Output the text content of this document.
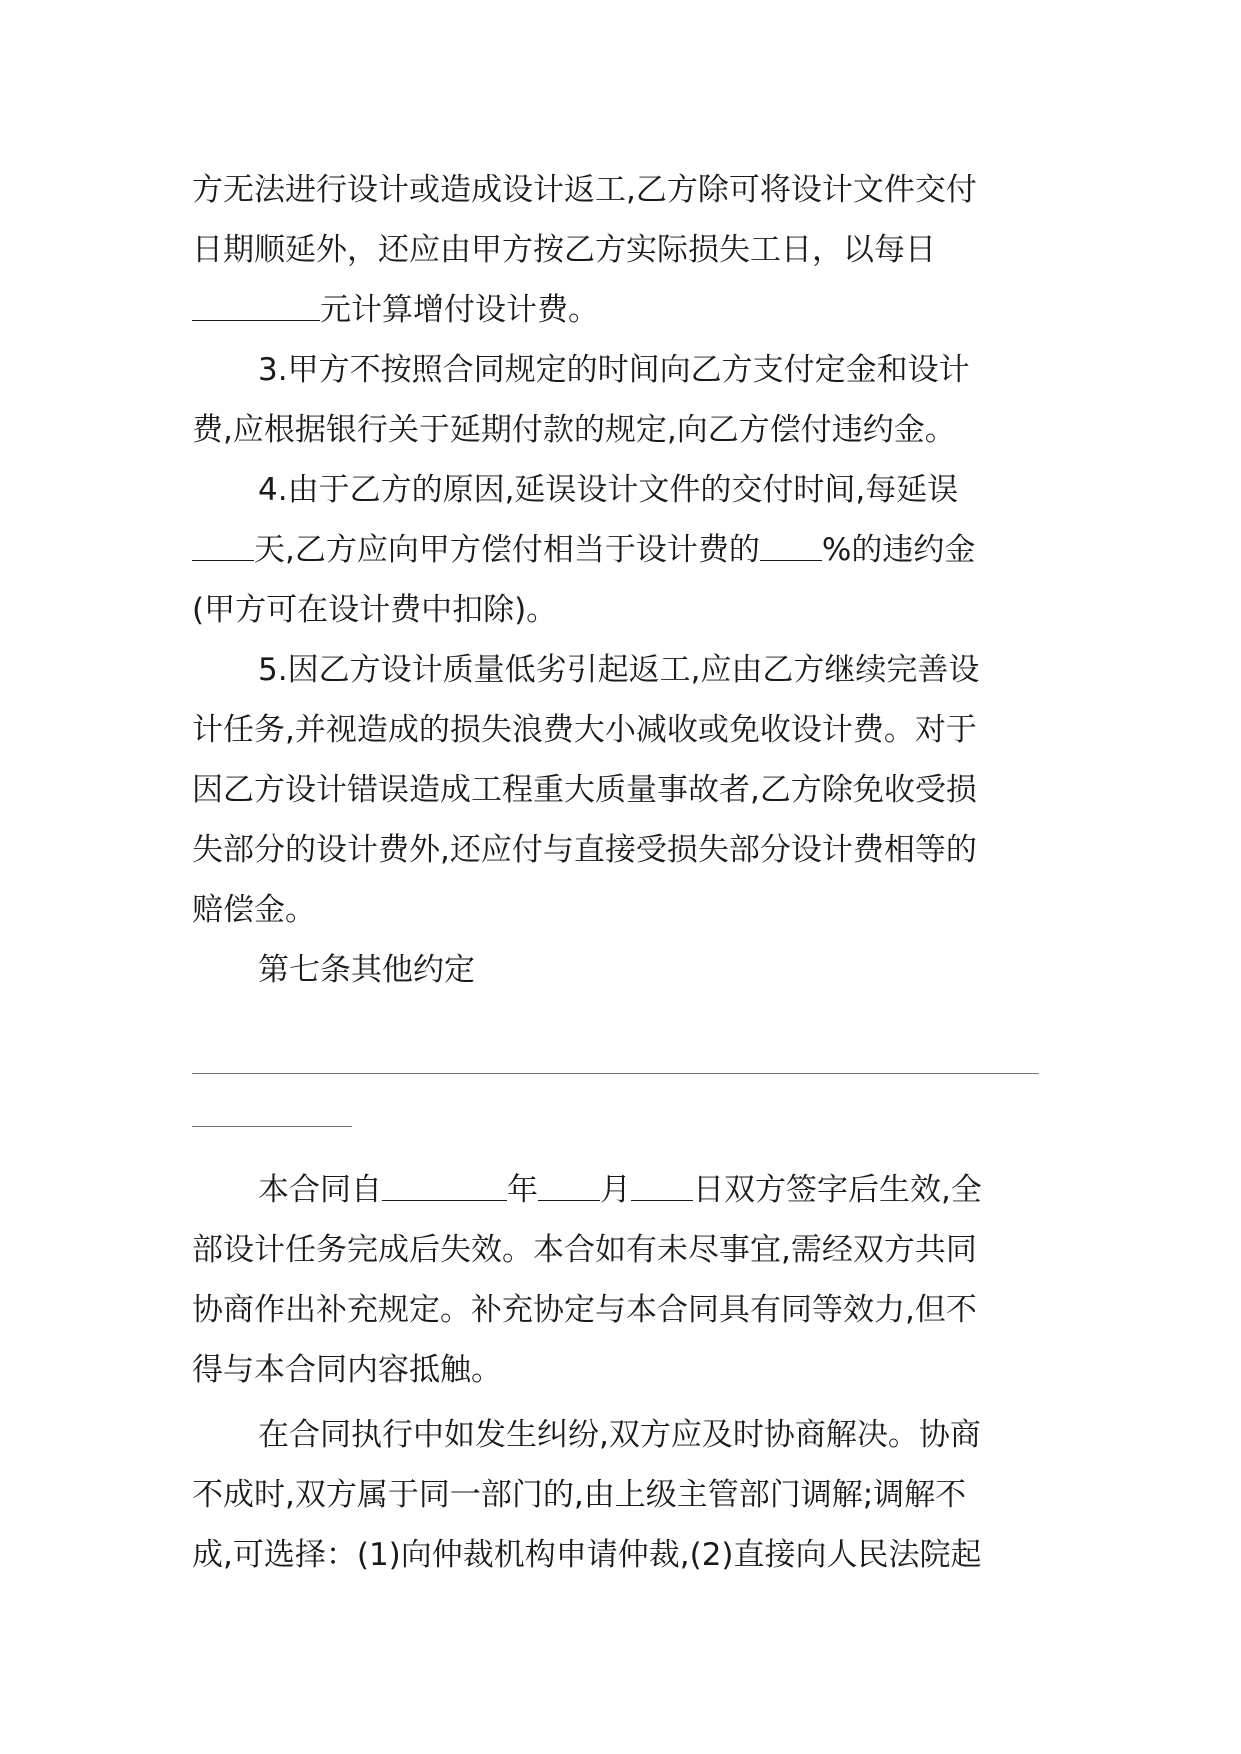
方无法进行设计或造成设计返工,乙方除可将设计文件交付
日期顺延外，还应由甲方按乙方实际损失工日，以每日
元计算增付设计费。
3.甲方不按照合同规定的时间向乙方支付定金和设计
费,应根据银行关于延期付款的规定,向乙方偿付违约金。
4.由于乙方的原因,延误设计文件的交付时间,每延误
天,乙方应向甲方偿付相当于设计费的 %的违约金
(甲方可在设计费中扣除)。
5.因乙方设计质量低劣引起返工,应由乙方继续完善设
计任务,并视造成的损失浪费大小减收或免收设计费。对于
因乙方设计错误造成工程重大质量事故者,乙方除免收受损
失部分的设计费外,还应付与直接受损失部分设计费相等的
赔偿金。
第七条其他约定
本合同自	年 月 日双方签字后生效,全
部设计任务完成后失效。本合如有未尽事宜,需经双方共同
协商作出补充规定。补充协定与本合同具有同等效力,但不
得与本合同内容抵触。
在合同执行中如发生纠纷,双方应及时协商解决。协商
不成时,双方属于同一部门的,由上级主管部门调解;调解不
成,可选择：(1)向仲裁机构申请仲裁,(2)直接向人民法院起
